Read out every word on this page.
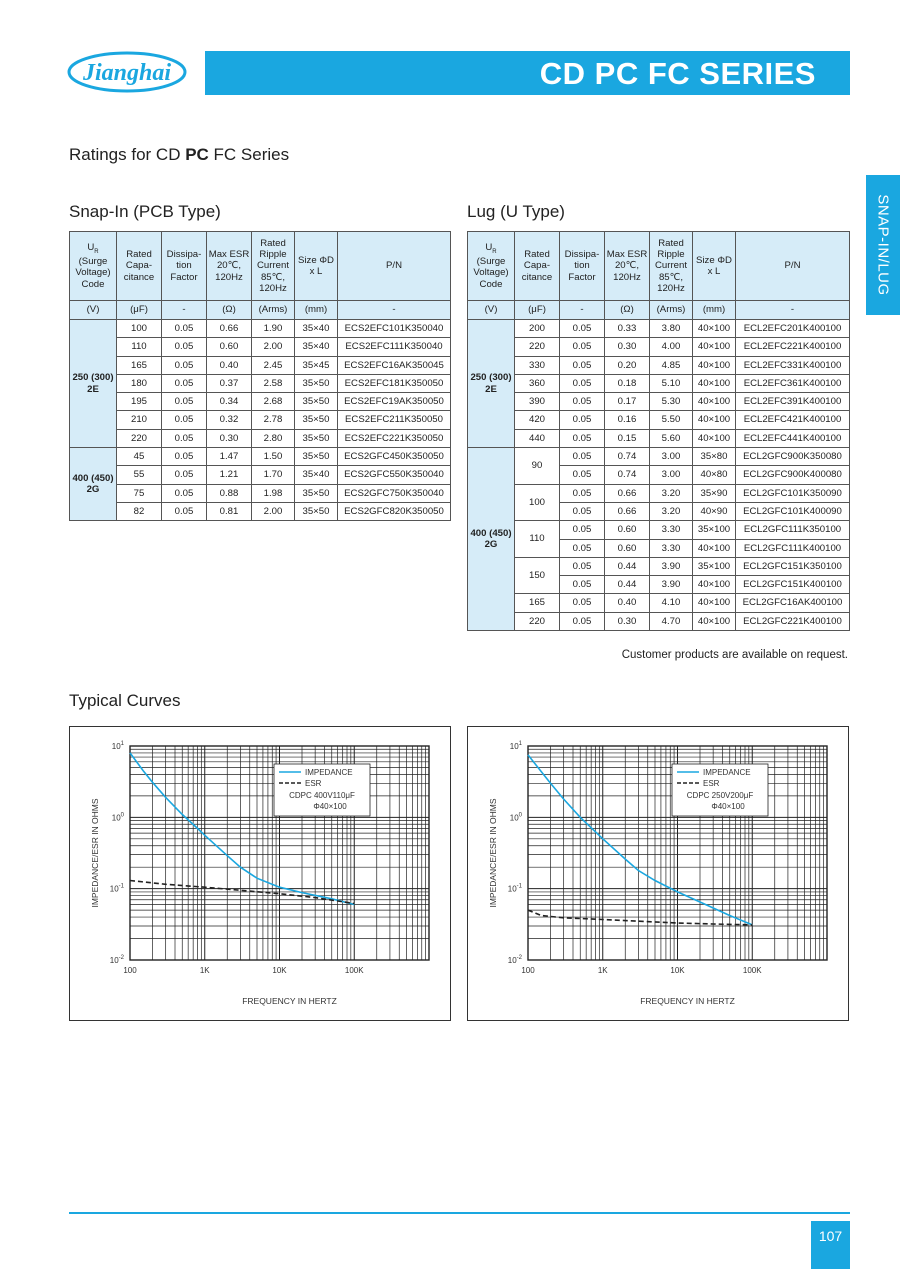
Jianghai	CD PC FC SERIES
SNAP-IN/LUG
Ratings for CD PC FC Series
Snap-In (PCB Type)	Lug (U Type)
$U_R$
(Surge Voltage) Code	Rated Capa- citance	Dissipa- tion Factor	Max ESR 20℃, 120Hz	Rated Ripple Current 85℃, 120Hz	Size ΦD x L	P/N
(V)	(μF)	-	(Ω)	(Arms)	(mm)	-
250 (300) 2E	100	0.05	0.66	1.90	35×40	ECS2EFC101K350040
	110	0.05	0.60	2.00	35×40	ECS2EFC111K350040
	165	0.05	0.40	2.45	35×45	ECS2EFC16AK350045
	180	0.05	0.37	2.58	35×50	ECS2EFC181K350050
	195	0.05	0.34	2.68	35×50	ECS2EFC19AK350050
	210	0.05	0.32	2.78	35×50	ECS2EFC211K350050
	220	0.05	0.30	2.80	35×50	ECS2EFC221K350050
400 (450) 2G	45	0.05	1.47	1.50	35×50	ECS2GFC450K350050
	55	0.05	1.21	1.70	35×40	ECS2GFC550K350040
	75	0.05	0.88	1.98	35×50	ECS2GFC750K350040
	82	0.05	0.81	2.00	35×50	ECS2GFC820K350050
$U_R$
(Surge Voltage) Code	Rated Capa- citance	Dissipa- tion Factor	Max ESR 20℃, 120Hz	Rated Ripple Current 85℃, 120Hz	Size ΦD x L	P/N
(V)	(μF)	-	(Ω)	(Arms)	(mm)	-
250 (300) 2E	200	0.05	0.33	3.80	40×100	ECL2EFC201K400100
	220	0.05	0.30	4.00	40×100	ECL2EFC221K400100
	330	0.05	0.20	4.85	40×100	ECL2EFC331K400100
	360	0.05	0.18	5.10	40×100	ECL2EFC361K400100
	390	0.05	0.17	5.30	40×100	ECL2EFC391K400100
	420	0.05	0.16	5.50	40×100	ECL2EFC421K400100
	440	0.05	0.15	5.60	40×100	ECL2EFC441K400100
400 (450) 2G	90	0.05	0.74	3.00	35×80	ECL2GFC900K350080
		0.05	0.74	3.00	40×80	ECL2GFC900K400080
	100	0.05	0.66	3.20	35×90	ECL2GFC101K350090
		0.05	0.66	3.20	40×90	ECL2GFC101K400090
	110	0.05	0.60	3.30	35×100	ECL2GFC111K350100
		0.05	0.60	3.30	40×100	ECL2GFC111K400100
	150	0.05	0.44	3.90	35×100	ECL2GFC151K350100
		0.05	0.44	3.90	40×100	ECL2GFC151K400100
	165	0.05	0.40	4.10	40×100	ECL2GFC16AK400100
	220	0.05	0.30	4.70	40×100	ECL2GFC221K400100
Customer products are available on request.
Typical Curves
$10^1$
$10^0$
$10^{-1}$
$10^{-2}$
100	1K	10K	100K
FREQUENCY IN HERTZ
IMPEDANCE/ESR IN OHMS
IMPEDANCE
ESR
CDPC 400V110μF
Φ40×100
$10^1$
$10^0$
$10^{-1}$
$10^{-2}$
100	1K	10K	100K
FREQUENCY IN HERTZ
IMPEDANCE/ESR IN OHMS
IMPEDANCE
ESR
CDPC 250V200μF
Φ40×100
107
